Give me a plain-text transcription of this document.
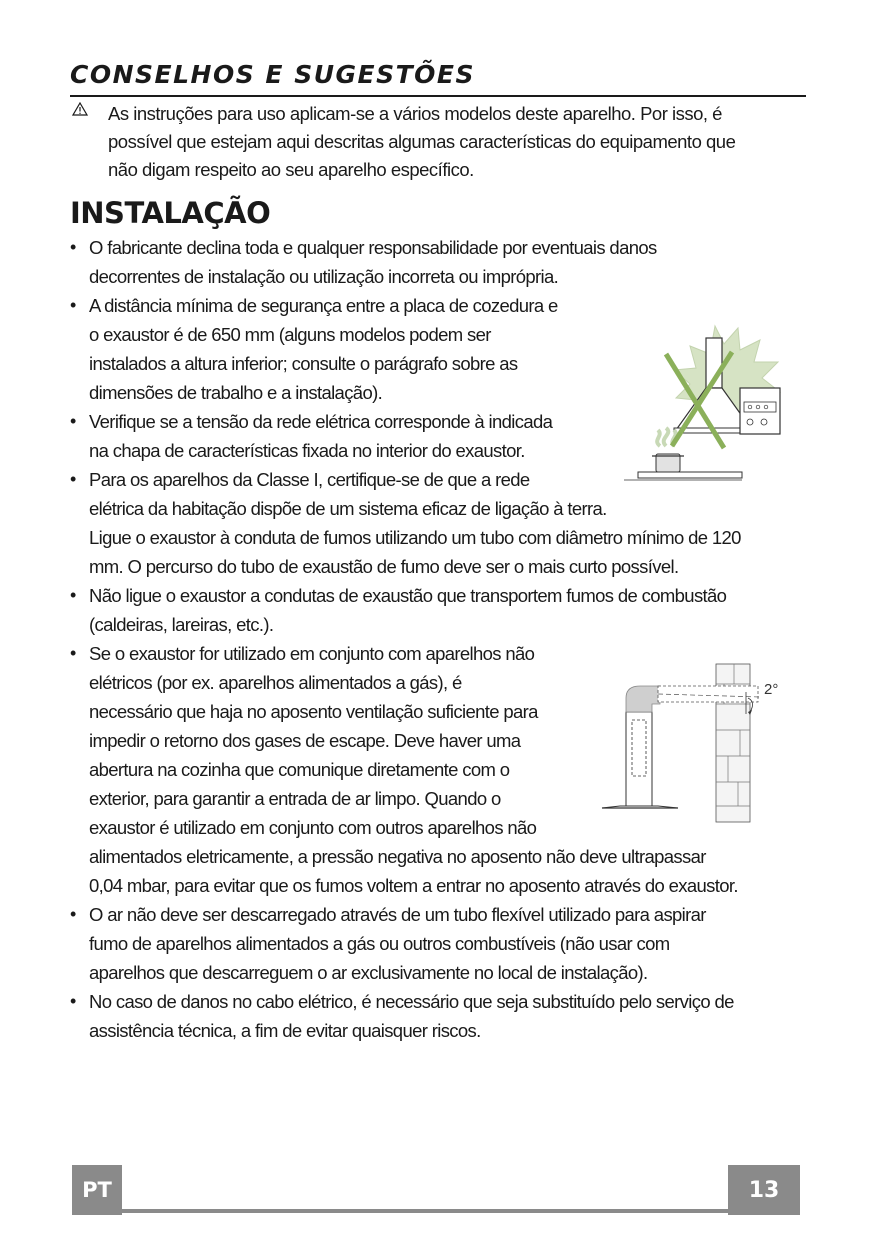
CONSELHOS E SUGESTÕES
As instruções para uso aplicam-se a vários modelos deste aparelho. Por isso, é
possível que estejam aqui descritas algumas características do equipamento que
não digam respeito ao seu aparelho específico.
INSTALAÇÃO
• O fabricante declina toda e qualquer responsabilidade por eventuais danos
decorrentes de instalação ou utilização incorreta ou imprópria.
• A distância mínima de segurança entre a placa de cozedura e
o exaustor é de 650 mm (alguns modelos podem ser
instalados a altura inferior; consulte o parágrafo sobre as
dimensões de trabalho e a instalação).
• Verifique se a tensão da rede elétrica corresponde à indicada
na chapa de características fixada no interior do exaustor.
• Para os aparelhos da Classe I, certifique-se de que a rede
elétrica da habitação dispõe de um sistema eficaz de ligação à terra.
Ligue o exaustor à conduta de fumos utilizando um tubo com diâmetro mínimo de 120
mm. O percurso do tubo de exaustão de fumo deve ser o mais curto possível.
• Não ligue o exaustor a condutas de exaustão que transportem fumos de combustão
(caldeiras, lareiras, etc.).
• Se o exaustor for utilizado em conjunto com aparelhos não
elétricos (por ex. aparelhos alimentados a gás), é
necessário que haja no aposento ventilação suficiente para
impedir o retorno dos gases de escape. Deve haver uma
abertura na cozinha que comunique diretamente com o
exterior, para garantir a entrada de ar limpo. Quando o
exaustor é utilizado em conjunto com outros aparelhos não
alimentados eletricamente, a pressão negativa no aposento não deve ultrapassar
0,04 mbar, para evitar que os fumos voltem a entrar no aposento através do exaustor.
• O ar não deve ser descarregado através de um tubo flexível utilizado para aspirar
fumo de aparelhos alimentados a gás ou outros combustíveis (não usar com
aparelhos que descarreguem o ar exclusivamente no local de instalação).
• No caso de danos no cabo elétrico, é necessário que seja substituído pelo serviço de
assistência técnica, a fim de evitar quaisquer riscos.
2°
PT	13
